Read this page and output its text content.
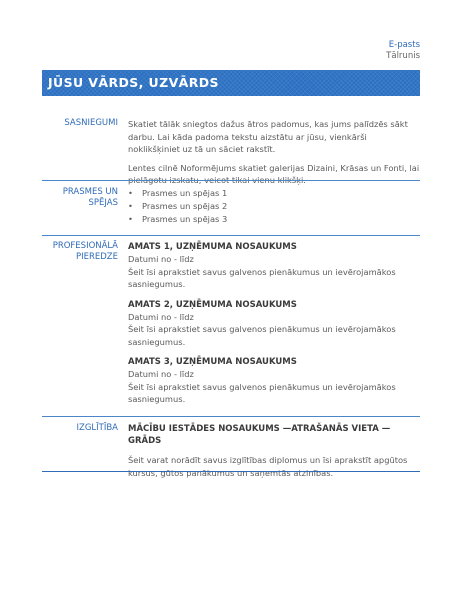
E-pasts
Tālrunis
JŪSU VĀRDS, UZVĀRDS
SASNIEGUMI Skatiet tālāk sniegtos dažus ātros padomus, kas jums palīdzēs sākt darbu. Lai kāda padoma tekstu aizstātu ar jūsu, vienkārši noklikšķiniet uz tā un sāciet rakstīt.

Lentes cilnē Noformējums skatiet galerijas Dizaini, Krāsas un Fonti, lai pielāgotu izskatu, veicot tikai vienu klikšķi.

PRASMES UN
SPĒJAS
• Prasmes un spējas 1
• Prasmes un spējas 2
• Prasmes un spējas 3
PROFESIONĀLĀ
PIEREDZE
AMATS 1, UZŅĒMUMA NOSAUKUMS
Datumi no - līdz
Šeit īsi aprakstiet savus galvenos pienākumus un ievērojamākos sasniegumus.
AMATS 2, UZŅĒMUMA NOSAUKUMS
Datumi no - līdz
Šeit īsi aprakstiet savus galvenos pienākumus un ievērojamākos sasniegumus.
AMATS 3, UZŅĒMUMA NOSAUKUMS
Datumi no - līdz
Šeit īsi aprakstiet savus galvenos pienākumus un ievērojamākos sasniegumus.
IZGLĪTĪBA MĀCĪBU IESTĀDES NOSAUKUMS —ATRAŠANĀS VIETA —GRĀDS
Šeit varat norādīt savus izglītības diplomus un īsi aprakstīt apgūtos kursus, gūtos panākumus un saņemtās atzinības.
